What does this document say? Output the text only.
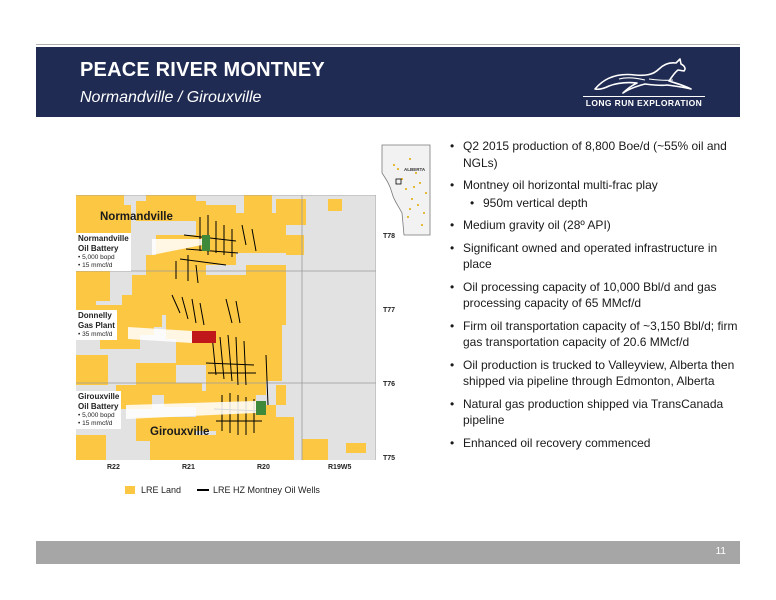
PEACE RIVER MONTNEY
Normandville / Girouxville	LONG RUN EXPLORATION
Normandville
Girouxville
Normandville
Oil Battery
• 5,000 bopd
• 15 mmcf/d
Donnelly
Gas Plant
• 35 mmcf/d
Girouxville
Oil Battery
• 5,000 bopd
• 15 mmcf/d
T78
T77
T76
T75
R22	R21	R20	R19W5
LRE Land	LRE HZ Montney Oil Wells
ALBERTA
• Q2 2015 production of 8,800 Boe/d (~55% oil and NGLs)
• Montney oil horizontal multi-frac play
• 950m vertical depth
• Medium gravity oil (28º API)
• Significant owned and operated infrastructure in place
• Oil processing capacity of 10,000 Bbl/d and gas processing capacity of 65 MMcf/d
• Firm oil transportation capacity of ~3,150 Bbl/d; firm gas transportation capacity of 20.6 MMcf/d
• Oil production is trucked to Valleyview, Alberta then shipped via pipeline through Edmonton, Alberta
• Natural gas production shipped via TransCanada pipeline
• Enhanced oil recovery commenced
11
